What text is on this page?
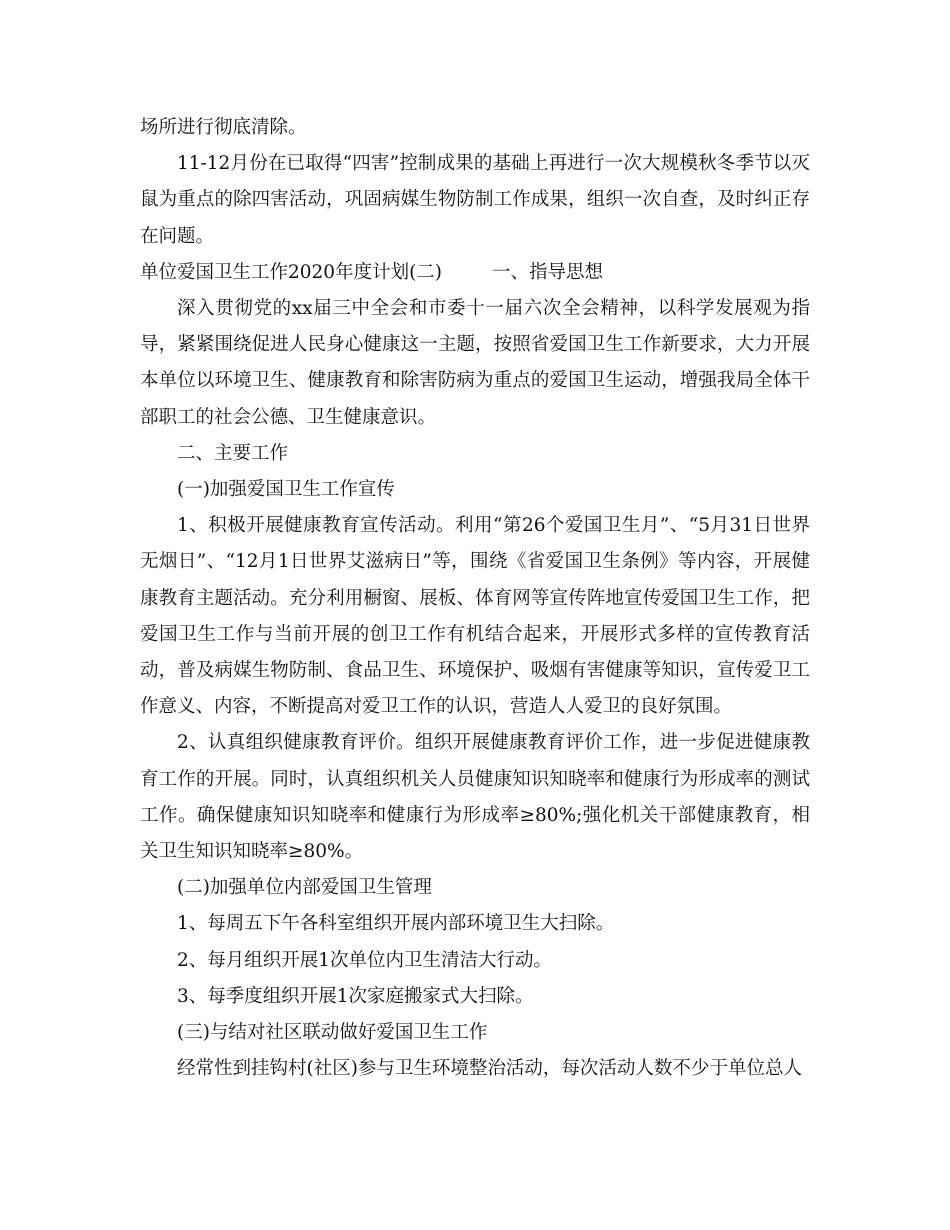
场所进行彻底清除。

11-12月份在已取得“四害”控制成果的基础上再进行一次大规模秋冬季节以灭鼠为重点的除四害活动，巩固病媒生物防制工作成果，组织一次自查，及时纠正存在问题。

单位爱国卫生工作2020年度计划(二)	一、指导思想

深入贯彻党的xx届三中全会和市委十一届六次全会精神，以科学发展观为指导，紧紧围绕促进人民身心健康这一主题，按照省爱国卫生工作新要求，大力开展本单位以环境卫生、健康教育和除害防病为重点的爱国卫生运动，增强我局全体干部职工的社会公德、卫生健康意识。

二、主要工作

(一)加强爱国卫生工作宣传

1、积极开展健康教育宣传活动。利用“第26个爱国卫生月”、“5月31日世界无烟日”、“12月1日世界艾滋病日”等，围绕《省爱国卫生条例》等内容，开展健康教育主题活动。充分利用橱窗、展板、体育网等宣传阵地宣传爱国卫生工作，把爱国卫生工作与当前开展的创卫工作有机结合起来，开展形式多样的宣传教育活动，普及病媒生物防制、食品卫生、环境保护、吸烟有害健康等知识，宣传爱卫工作意义、内容，不断提高对爱卫工作的认识，营造人人爱卫的良好氛围。

2、认真组织健康教育评价。组织开展健康教育评价工作，进一步促进健康教育工作的开展。同时，认真组织机关人员健康知识知晓率和健康行为形成率的测试工作。确保健康知识知晓率和健康行为形成率≥80%;强化机关干部健康教育，相关卫生知识知晓率≥80%。

(二)加强单位内部爱国卫生管理

1、每周五下午各科室组织开展内部环境卫生大扫除。

2、每月组织开展1次单位内卫生清洁大行动。

3、每季度组织开展1次家庭搬家式大扫除。

(三)与结对社区联动做好爱国卫生工作

经常性到挂钩村(社区)参与卫生环境整治活动，每次活动人数不少于单位总人
